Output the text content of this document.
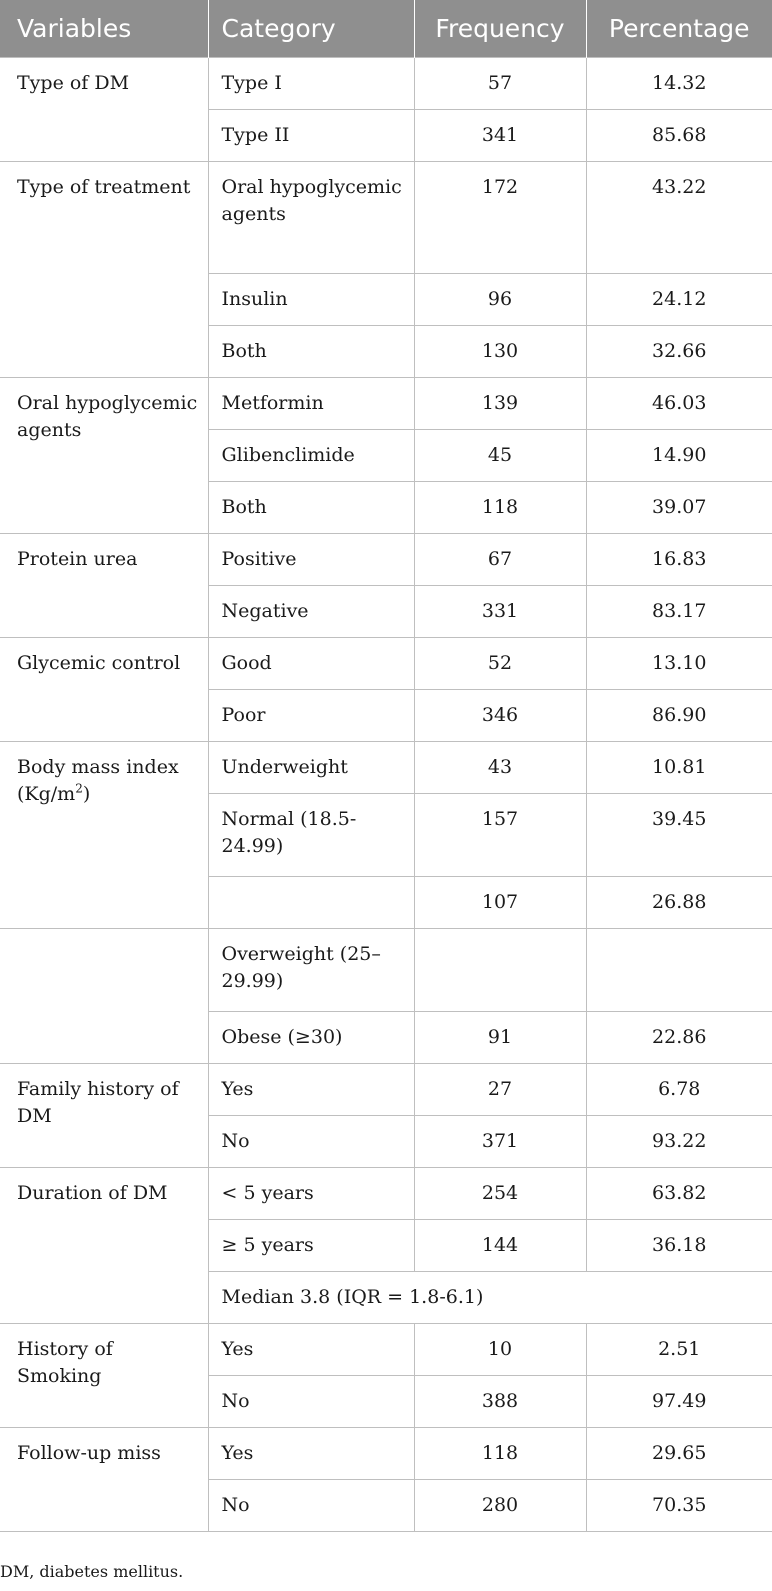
Variables	Category	Frequency	Percentage
Type of DM	Type I	57	14.32
	Type II	341	85.68
Type of treatment	Oral hypoglycemic agents	172	43.22
	Insulin	96	24.12
	Both	130	32.66
Oral hypoglycemic agents	Metformin	139	46.03
	Glibenclimide	45	14.90
	Both	118	39.07
Protein urea	Positive	67	16.83
	Negative	331	83.17
Glycemic control	Good	52	13.10
	Poor	346	86.90
Body mass index $(Kg/m^2)$	Underweight	43	10.81
	Normal (18.5-24.99)	157	39.45
		107	26.88
	Overweight (25–29.99)		
	Obese (≥30)	91	22.86
Family history of DM	Yes	27	6.78
	No	371	93.22
Duration of DM	< 5 years	254	63.82
	≥ 5 years	144	36.18
	Median 3.8 (IQR = 1.8-6.1)		
History of Smoking	Yes	10	2.51
	No	388	97.49
Follow-up miss	Yes	118	29.65
	No	280	70.35
DM, diabetes mellitus.
